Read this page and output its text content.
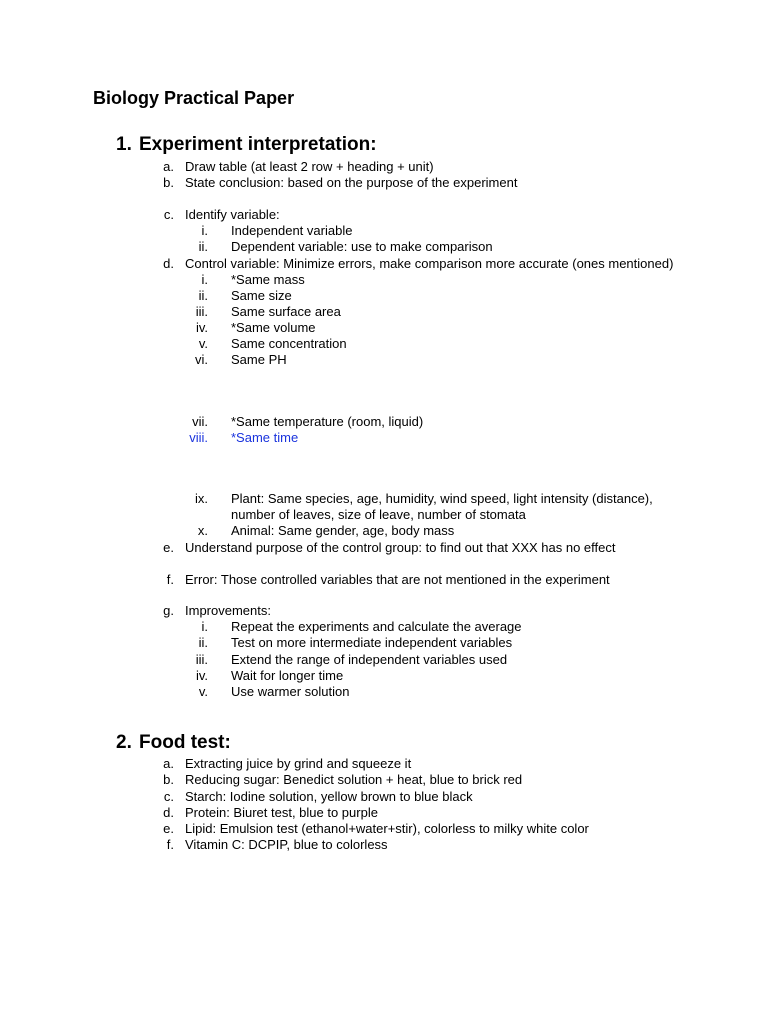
Biology Practical Paper
1. Experiment interpretation:
a. Draw table (at least 2 row + heading + unit)
b. State conclusion: based on the purpose of the experiment
c. Identify variable:
i. Independent variable
ii. Dependent variable: use to make comparison
d. Control variable: Minimize errors, make comparison more accurate (ones mentioned)
i. *Same mass
ii. Same size
iii. Same surface area
iv. *Same volume
v. Same concentration
vi. Same PH
vii. *Same temperature (room, liquid)
viii. *Same time
ix. Plant: Same species, age, humidity, wind speed, light intensity (distance),
number of leaves, size of leave, number of stomata
x. Animal: Same gender, age, body mass
e. Understand purpose of the control group: to find out that XXX has no effect
f. Error: Those controlled variables that are not mentioned in the experiment
g. Improvements:
i. Repeat the experiments and calculate the average
ii. Test on more intermediate independent variables
iii. Extend the range of independent variables used
iv. Wait for longer time
v. Use warmer solution
2. Food test:
a. Extracting juice by grind and squeeze it
b. Reducing sugar: Benedict solution + heat, blue to brick red
c. Starch: Iodine solution, yellow brown to blue black
d. Protein: Biuret test, blue to purple
e. Lipid: Emulsion test (ethanol+water+stir), colorless to milky white color
f. Vitamin C: DCPIP, blue to colorless
